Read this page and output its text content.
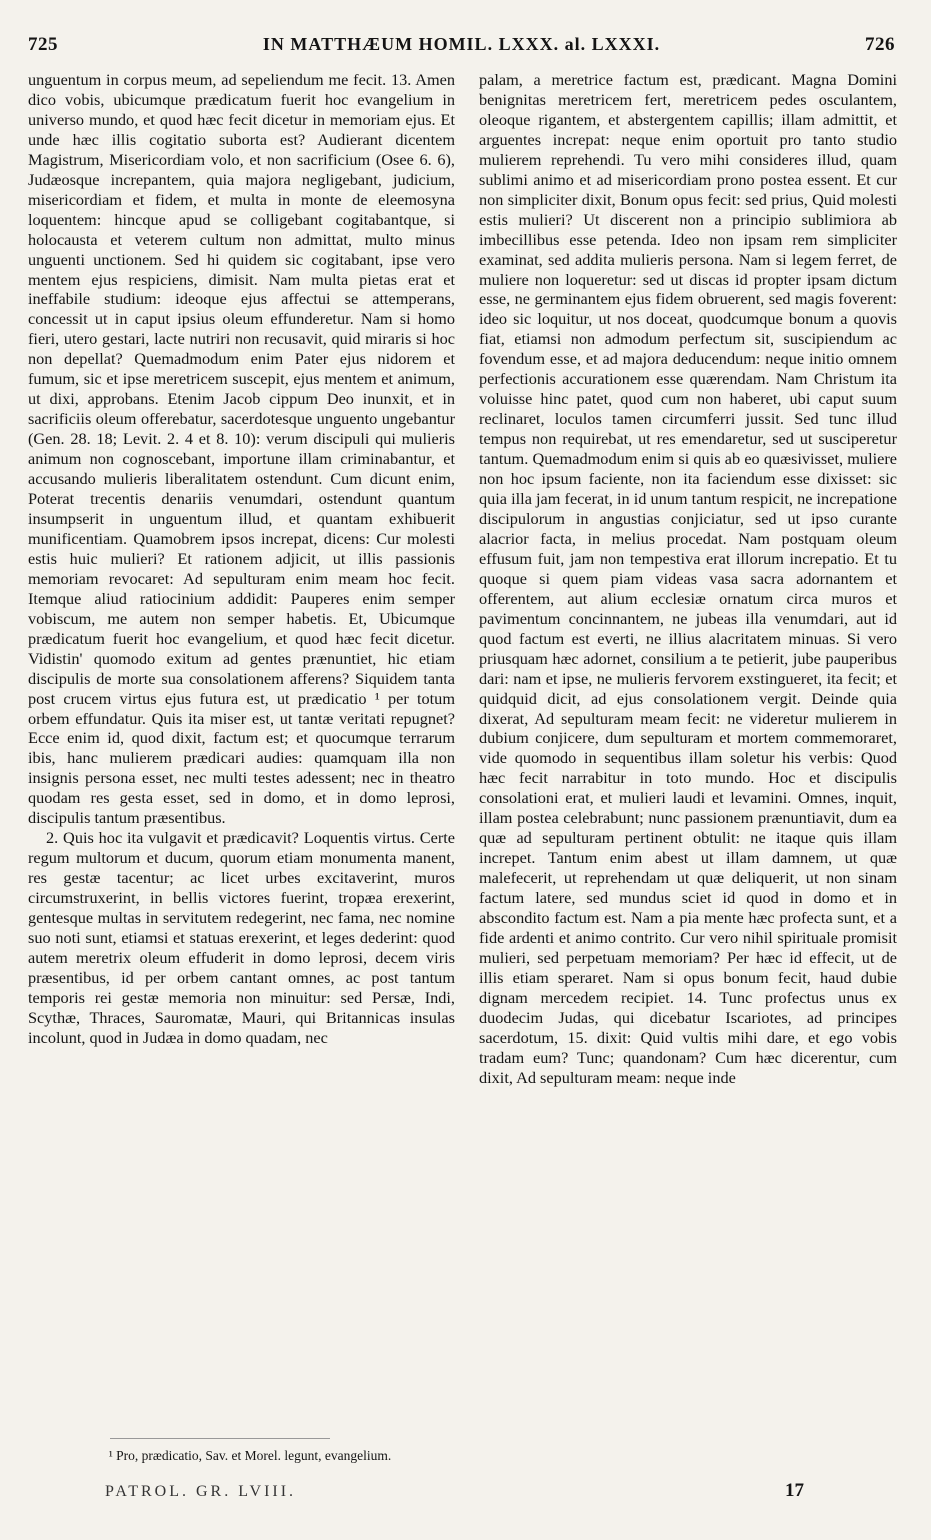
725	IN MATTHÆUM HOMIL. LXXX. al. LXXXI.	726

unguentum in corpus meum, ad sepeliendum me fecit. 13. Amen dico vobis, ubicumque prædicatum fuerit hoc evangelium in universo mundo, et quod hæc fecit dicetur in memoriam ejus. Et unde hæc illis cogitatio suborta est? Audierant dicentem Magistrum, Misericordiam volo, et non sacrificium (Osee 6. 6), Judæosque increpantem, quia majora negligebant, judicium, misericordiam et fidem, et multa in monte de eleemosyna loquentem: hincque apud se colligebant cogitabantque, si holocausta et veterem cultum non admittat, multo minus unguenti unctionem. Sed hi quidem sic cogitabant, ipse vero mentem ejus respiciens, dimisit. Nam multa pietas erat et ineffabile studium: ideoque ejus affectui se attemperans, concessit ut in caput ipsius oleum effunderetur. Nam si homo fieri, utero gestari, lacte nutriri non recusavit, quid miraris si hoc non depellat? Quemadmodum enim Pater ejus nidorem et fumum, sic et ipse meretricem suscepit, ejus mentem et animum, ut dixi, approbans. Etenim Jacob cippum Deo inunxit, et in sacrificiis oleum offerebatur, sacerdotesque unguento ungebantur (Gen. 28. 18; Levit. 2. 4 et 8. 10): verum discipuli qui mulieris animum non cognoscebant, importune illam criminabantur, et accusando mulieris liberalitatem ostendunt. Cum dicunt enim, Poterat trecentis denariis venumdari, ostendunt quantum insumpserit in unguentum illud, et quantam exhibuerit munificentiam. Quamobrem ipsos increpat, dicens: Cur molesti estis huic mulieri? Et rationem adjicit, ut illis passionis memoriam revocaret: Ad sepulturam enim meam hoc fecit. Itemque aliud ratiocinium addidit: Pauperes enim semper vobiscum, me autem non semper habetis. Et, Ubicumque prædicatum fuerit hoc evangelium, et quod hæc fecit dicetur. Vidistin' quomodo exitum ad gentes prænuntiet, hic etiam discipulis de morte sua consolationem afferens? Siquidem tanta post crucem virtus ejus futura est, ut prædicatio ¹ per totum orbem effundatur. Quis ita miser est, ut tantæ veritati repugnet? Ecce enim id, quod dixit, factum est; et quocumque terrarum ibis, hanc mulierem prædicari audies: quamquam illa non insignis persona esset, nec multi testes adessent; nec in theatro quodam res gesta esset, sed in domo, et in domo leprosi, discipulis tantum præsentibus.

2. Quis hoc ita vulgavit et prædicavit? Loquentis virtus. Certe regum multorum et ducum, quorum etiam monumenta manent, res gestæ tacentur; ac licet urbes excitaverint, muros circumstruxerint, in bellis victores fuerint, tropæa erexerint, gentesque multas in servitutem redegerint, nec fama, nec nomine suo noti sunt, etiamsi et statuas erexerint, et leges dederint: quod autem meretrix oleum effuderit in domo leprosi, decem viris præsentibus, id per orbem cantant omnes, ac post tantum temporis rei gestæ memoria non minuitur: sed Persæ, Indi, Scythæ, Thraces, Sauromatæ, Mauri, qui Britannicas insulas incolunt, quod in Judæa in domo quadam, nec

palam, a meretrice factum est, prædicant. Magna Domini benignitas meretricem fert, meretricem pedes osculantem, oleoque rigantem, et abstergentem capillis; illam admittit, et arguentes increpat: neque enim oportuit pro tanto studio mulierem reprehendi. Tu vero mihi consideres illud, quam sublimi animo et ad misericordiam prono postea essent. Et cur non simpliciter dixit, Bonum opus fecit: sed prius, Quid molesti estis mulieri? Ut discerent non a principio sublimiora ab imbecillibus esse petenda. Ideo non ipsam rem simpliciter examinat, sed addita mulieris persona. Nam si legem ferret, de muliere non loqueretur: sed ut discas id propter ipsam dictum esse, ne germinantem ejus fidem obruerent, sed magis foverent: ideo sic loquitur, ut nos doceat, quodcumque bonum a quovis fiat, etiamsi non admodum perfectum sit, suscipiendum ac fovendum esse, et ad majora deducendum: neque initio omnem perfectionis accurationem esse quærendam. Nam Christum ita voluisse hinc patet, quod cum non haberet, ubi caput suum reclinaret, loculos tamen circumferri jussit. Sed tunc illud tempus non requirebat, ut res emendaretur, sed ut susciperetur tantum. Quemadmodum enim si quis ab eo quæsivisset, muliere non hoc ipsum faciente, non ita faciendum esse dixisset: sic quia illa jam fecerat, in id unum tantum respicit, ne increpatione discipulorum in angustias conjiciatur, sed ut ipso curante alacrior facta, in melius procedat. Nam postquam oleum effusum fuit, jam non tempestiva erat illorum increpatio. Et tu quoque si quem piam videas vasa sacra adornantem et offerentem, aut alium ecclesiæ ornatum circa muros et pavimentum concinnantem, ne jubeas illa venumdari, aut id quod factum est everti, ne illius alacritatem minuas. Si vero priusquam hæc adornet, consilium a te petierit, jube pauperibus dari: nam et ipse, ne mulieris fervorem exstingueret, ita fecit; et quidquid dicit, ad ejus consolationem vergit. Deinde quia dixerat, Ad sepulturam meam fecit: ne videretur mulierem in dubium conjicere, dum sepulturam et mortem commemoraret, vide quomodo in sequentibus illam soletur his verbis: Quod hæc fecit narrabitur in toto mundo. Hoc et discipulis consolationi erat, et mulieri laudi et levamini. Omnes, inquit, illam postea celebrabunt; nunc passionem prænuntiavit, dum ea quæ ad sepulturam pertinent obtulit: ne itaque quis illam increpet. Tantum enim abest ut illam damnem, ut quæ malefecerit, ut reprehendam ut quæ deliquerit, ut non sinam factum latere, sed mundus sciet id quod in domo et in abscondito factum est. Nam a pia mente hæc profecta sunt, et a fide ardenti et animo contrito. Cur vero nihil spirituale promisit mulieri, sed perpetuam memoriam? Per hæc id effecit, ut de illis etiam speraret. Nam si opus bonum fecit, haud dubie dignam mercedem recipiet. 14. Tunc profectus unus ex duodecim Judas, qui dicebatur Iscariotes, ad principes sacerdotum, 15. dixit: Quid vultis mihi dare, et ego vobis tradam eum? Tunc; quandonam? Cum hæc dicerentur, cum dixit, Ad sepulturam meam: neque inde

¹ Pro, prædicatio, Sav. et Morel. legunt, evangelium.
PATROL. GR. LVIII.	17
